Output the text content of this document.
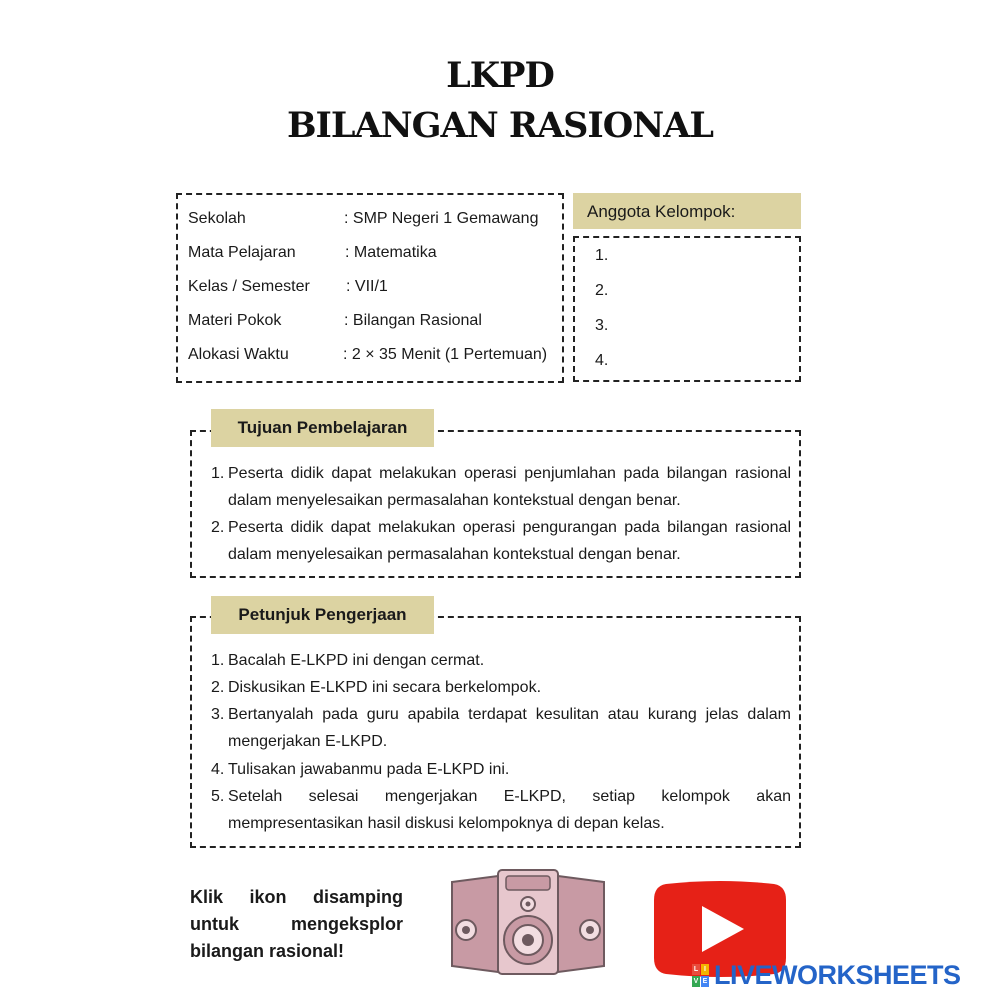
LKPD
BILANGAN RASIONAL
Sekolah	: SMP Negeri 1 Gemawang
Mata Pelajaran	: Matematika
Kelas / Semester : VII/1
Materi Pokok	: Bilangan Rasional
Alokasi Waktu	: 2 × 35 Menit (1 Pertemuan)
Anggota Kelompok:
1.
2.
3.
4.
Tujuan Pembelajaran
1. Peserta didik dapat melakukan operasi penjumlahan pada bilangan rasional dalam menyelesaikan permasalahan kontekstual dengan benar.
2. Peserta didik dapat melakukan operasi pengurangan pada bilangan rasional dalam menyelesaikan permasalahan kontekstual dengan benar.
Petunjuk Pengerjaan
1. Bacalah E-LKPD ini dengan cermat.
2. Diskusikan E-LKPD ini secara berkelompok.
3. Bertanyalah pada guru apabila terdapat kesulitan atau kurang jelas dalam mengerjakan E-LKPD.
4. Tulisakan jawabanmu pada E-LKPD ini.
5. Setelah selesai mengerjakan E-LKPD, setiap kelompok akan mempresentasikan hasil diskusi kelompoknya di depan kelas.
Klik ikon disamping untuk mengeksplor bilangan rasional!
L I
V E LIVEWORKSHEETS
